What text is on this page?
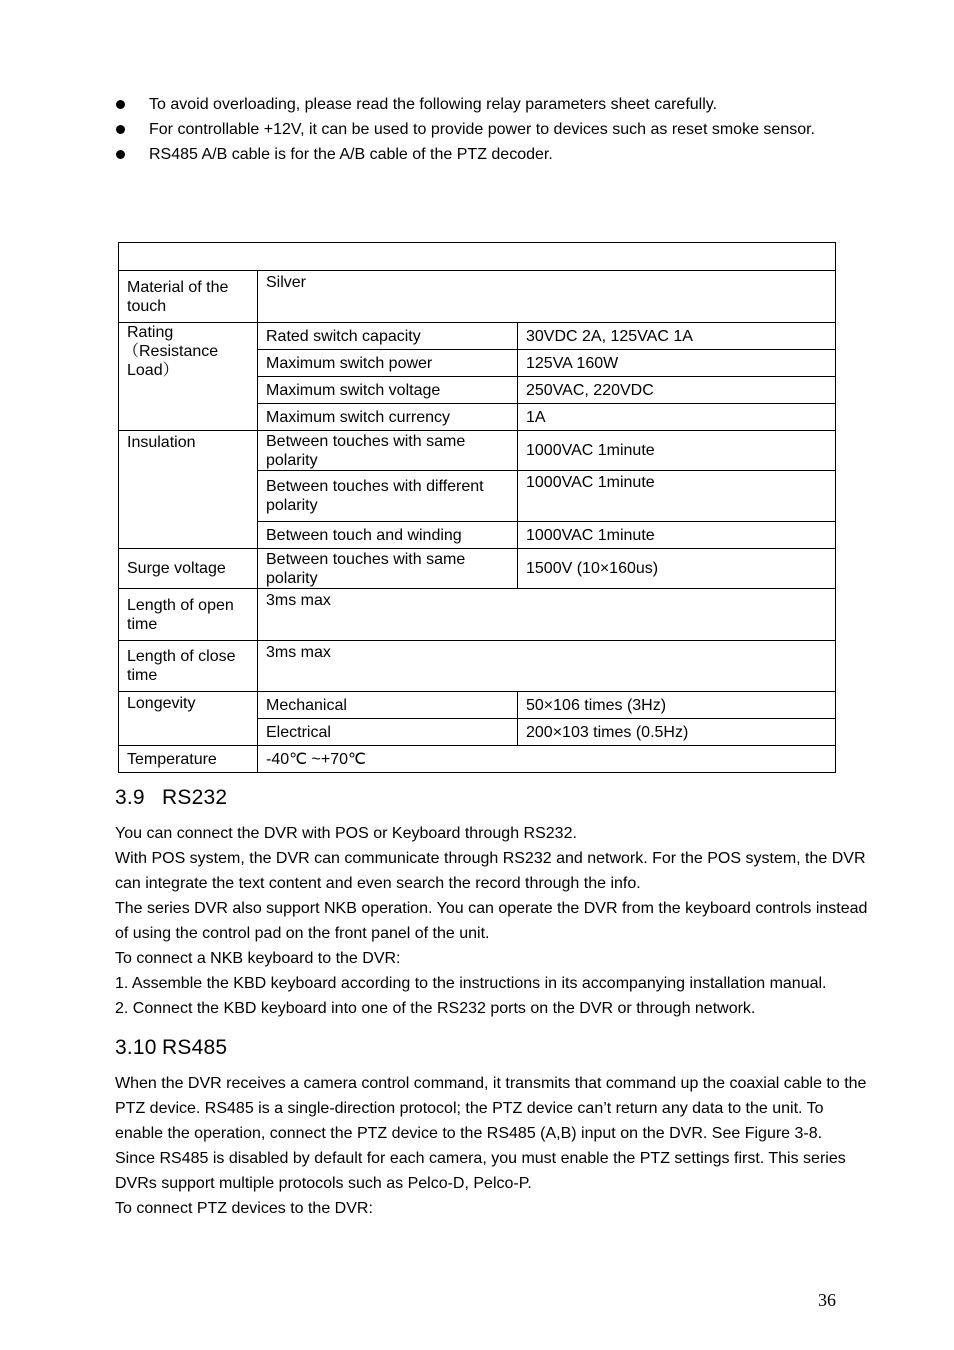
To avoid overloading, please read the following relay parameters sheet carefully.
For controllable +12V, it can be used to provide power to devices such as reset smoke sensor.
RS485 A/B cable is for the A/B cable of the PTZ decoder.

Material of the touch	Silver	

Rating
（Resistance
Load）	Rated switch capacity	30VDC 2A, 125VAC 1A
	Maximum switch power	125VA 160W
	Maximum switch voltage	250VAC, 220VDC
	Maximum switch currency	1A
Insulation	Between touches with same polarity	1000VAC 1minute
	Between touches with different polarity	1000VAC 1minute
	Between touch and winding	1000VAC 1minute
Surge voltage	Between touches with same polarity	1500V (10×160us)
Length of open time	3ms max	
Length of close time	3ms max	
Longevity	Mechanical	50×106 times (3Hz)
	Electrical	200×103 times (0.5Hz)
Temperature	-40℃ ~+70℃	
3.9 RS232

You can connect the DVR with POS or Keyboard through RS232.

With POS system, the DVR can communicate through RS232 and network. For the POS system, the DVR can integrate the text content and even search the record through the info.

The series DVR also support NKB operation. You can operate the DVR from the keyboard controls instead of using the control pad on the front panel of the unit.

To connect a NKB keyboard to the DVR:

1. Assemble the KBD keyboard according to the instructions in its accompanying installation manual.

2. Connect the KBD keyboard into one of the RS232 ports on the DVR or through network.

3.10 RS485

When the DVR receives a camera control command, it transmits that command up the coaxial cable to the PTZ device. RS485 is a single-direction protocol; the PTZ device can’t return any data to the unit. To enable the operation, connect the PTZ device to the RS485 (A,B) input on the DVR. See Figure 3-8.

Since RS485 is disabled by default for each camera, you must enable the PTZ settings first. This series DVRs support multiple protocols such as Pelco-D, Pelco-P.

To connect PTZ devices to the DVR:

36
